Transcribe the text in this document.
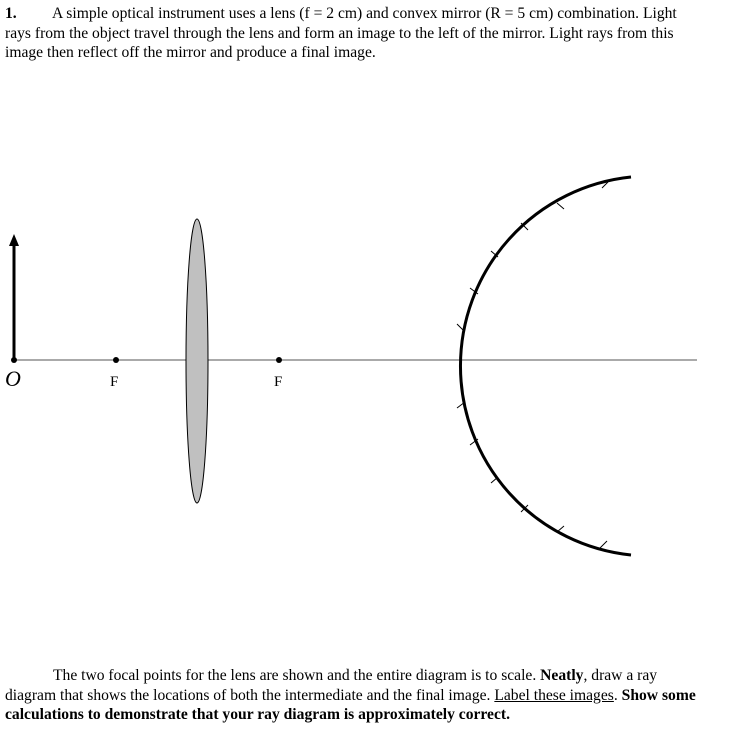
1. A simple optical instrument uses a lens (f = 2 cm) and convex mirror (R = 5 cm) combination. Light rays from the object travel through the lens and form an image to the left of the mirror. Light rays from this image then reflect off the mirror and produce a final image.
O	F	F
The two focal points for the lens are shown and the entire diagram is to scale. Neatly, draw a ray diagram that shows the locations of both the intermediate and the final image. Label these images. Show some calculations to demonstrate that your ray diagram is approximately correct.
